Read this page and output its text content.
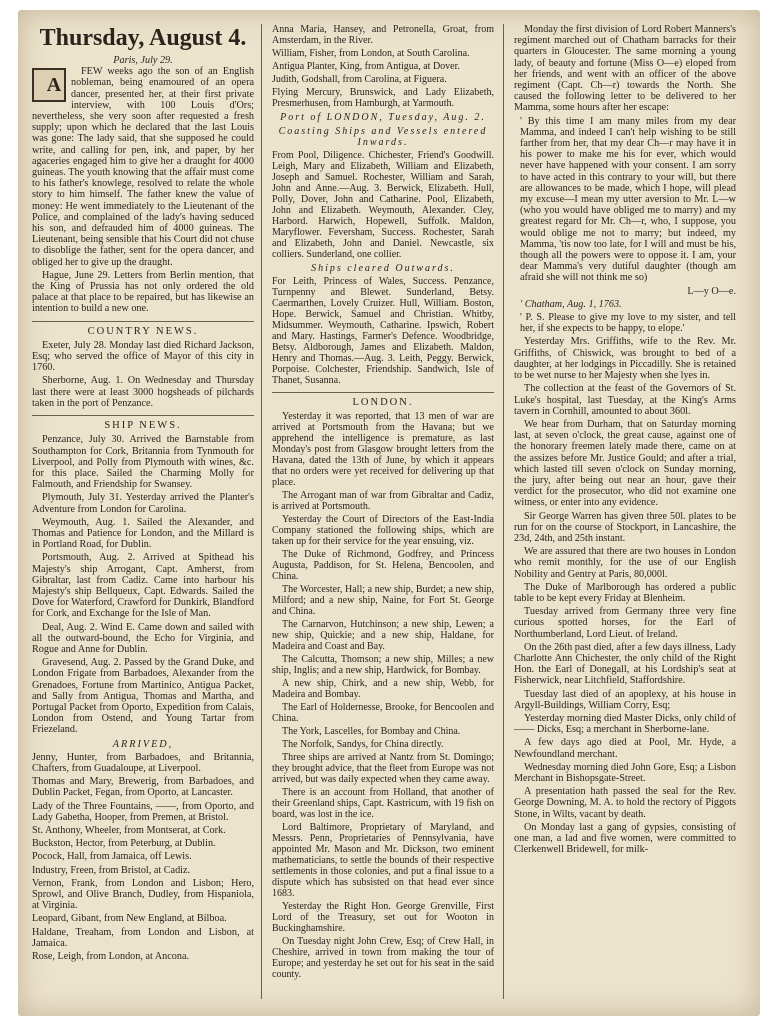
Thursday, August 4.
Paris, July 29.

A
FEW weeks ago the son of an English nobleman, being enamoured of an opera dancer, presented her, at their first private interview, with 100 Louis d'Ors; nevertheless, she very soon after requested a fresh supply; upon which he declared that the last Louis was gone: The lady said, that she supposed he could write, and calling for pen, ink, and paper, by her agaceries engaged him to give her a draught for 4000 guineas. The youth knowing that the affair must come to his father's knowlege, resolved to relate the whole story to him himself. The father knew the value of money: He went immediately to the Lieutenant of the Police, and complained of the lady's having seduced his son, and defrauded him of 4000 guineas. The Lieutenant, being sensible that his Court did not chuse to disoblige the father, sent for the opera dancer, and obliged her to give up the draught.

Hague, June 29. Letters from Berlin mention, that the King of Prussia has not only ordered the old palace at that place to be repaired, but has likewise an intention to build a new one.

COUNTRY NEWS.

Exeter, July 28. Monday last died Richard Jackson, Esq; who served the office of Mayor of this city in 1760.

Sherborne, Aug. 1. On Wednesday and Thursday last there were at least 3000 hogsheads of pilchards taken in the port of Penzance.

SHIP NEWS.

Penzance, July 30. Arrived the Barnstable from Southampton for Cork, Britannia from Tynmouth for Liverpool, and Polly from Plymouth with wines, &c. for this place. Sailed the Charming Molly for Falmouth, and Friendship for Swansey.

Plymouth, July 31. Yesterday arrived the Planter's Adventure from London for Carolina.

Weymouth, Aug. 1. Sailed the Alexander, and Thomas and Patience for London, and the Millard is in Portland Road, for Dublin.

Portsmouth, Aug. 2. Arrived at Spithead his Majesty's ship Arrogant, Capt. Amherst, from Gibraltar, last from Cadiz. Came into harbour his Majesty's ship Bellqueux, Capt. Edwards. Sailed the Dove for Waterford, Crawford for Dunkirk, Blandford for Cork, and Exchange for the Isle of Man.

Deal, Aug. 2. Wind E. Came down and sailed with all the outward-bound, the Echo for Virginia, and Rogue and Anne for Dublin.

Gravesend, Aug. 2. Passed by the Grand Duke, and London Frigate from Barbadoes, Alexander from the Grenadoes, Fortune from Martinico, Antigua Packet, and Sally from Antigua, Thomas and Martha, and Portugal Packet from Oporto, Expedition from Calais, London from Ostend, and Young Tartar from Friezeland.

ARRIVED,

Jenny, Hunter, from Barbadoes, and Britannia, Chafters, from Guadaloupe, at Liverpool.

Thomas and Mary, Brewerig, from Barbadoes, and Dublin Packet, Fegan, from Oporto, at Lancaster.

Lady of the Three Fountains, ——, from Oporto, and Lady Gabetha, Hooper, from Premen, at Bristol.

St. Anthony, Wheeler, from Montserat, at Cork.

Buckston, Hector, from Peterburg, at Dublin.

Pocock, Hall, from Jamaica, off Lewis.

Industry, Freen, from Bristol, at Cadiz.

Vernon, Frank, from London and Lisbon; Hero, Sprowl, and Olive Branch, Dudley, from Hispaniola, at Virginia.

Leopard, Gibant, from New England, at Bilboa.

Haldane, Treaham, from London and Lisbon, at Jamaica.

Rose, Leigh, from London, at Ancona.

Anna Maria, Hansey, and Petronella, Groat, from Amsterdam, in the River.

William, Fisher, from London, at South Carolina.

Antigua Planter, King, from Antigua, at Dover.

Judith, Godshall, from Carolina, at Figuera.

Flying Mercury, Brunswick, and Lady Elizabeth, Presmerhusen, from Hamburgh, at Yarmouth.

Port of LONDON, Tuesday, Aug. 2.
Coasting Ships and Vessels entered Inwards.

From Pool, Diligence. Chichester, Friend's Goodwill. Leigh, Mary and Elizabeth, William and Elizabeth, Joseph and Samuel. Rochester, William and Sarah, John and Anne.—Aug. 3. Berwick, Elizabeth. Hull, Polly, Dover, John and Catharine. Pool, Elizabeth, John and Elizabeth. Weymouth, Alexander. Cley, Harbord. Harwich, Hopewell, Suffolk. Maldon, Maryflower. Feversham, Success. Rochester, Sarah and Elizabeth, John and Daniel. Newcastle, six colliers. Sunderland, one collier.

Ships cleared Outwards.

For Leith, Princess of Wales, Success. Penzance, Turnpenny and Blewet. Sunderland, Betsy. Caermarthen, Lovely Cruizer. Hull, William. Boston, Hope. Berwick, Samuel and Christian. Whitby, Midsummer. Weymouth, Catharine. Ipswich, Robert and Mary. Hastings, Farmer's Defence. Woodbridge, Betsy. Aldborough, James and Elizabeth. Maldon, Henry and Thomas.—Aug. 3. Leith, Peggy. Berwick, Porpoise. Colchester, Friendship. Sandwich, Isle of Thanet, Susanna.

LONDON.

Yesterday it was reported, that 13 men of war are arrived at Portsmouth from the Havana; but we apprehend the intelligence is premature, as last Monday's post from Glasgow brought letters from the Havana, dated the 13th of June, by which it appears that no orders were yet received for delivering up that place.

The Arrogant man of war from Gibraltar and Cadiz, is arrived at Portsmouth.

Yesterday the Court of Directors of the East-India Company stationed the following ships, which are taken up for their service for the year ensuing, viz.

The Duke of Richmond, Godfrey, and Princess Augusta, Paddison, for St. Helena, Bencoolen, and China.

The Worcester, Hall; a new ship, Burdet; a new ship, Milford; and a new ship, Naine, for Fort St. George and China.

The Carnarvon, Hutchinson; a new ship, Lewen; a new ship, Quickie; and a new ship, Haldane, for Madeira and Coast and Bay.

The Calcutta, Thomson; a new ship, Milles; a new ship, Inglis; and a new ship, Hardwick, for Bombay.

A new ship, Chirk, and a new ship, Webb, for Madeira and Bombay.

The Earl of Holdernesse, Brooke, for Bencoolen and China.

The York, Lascelles, for Bombay and China.

The Norfolk, Sandys, for China directly.

Three ships are arrived at Nantz from St. Domingo; they brought advice, that the fleet from Europe was not arrived, but was daily expected when they came away.

There is an account from Holland, that another of their Greenland ships, Capt. Kastricum, with 19 fish on board, was lost in the ice.

Lord Baltimore, Proprietary of Maryland, and Messrs. Penn, Proprietaries of Pennsylvania, have appointed Mr. Mason and Mr. Dickson, two eminent mathematicians, to settle the bounds of their respective settlements in those colonies, and put a final issue to a dispute which has subsisted on that head ever since 1683.

Yesterday the Right Hon. George Grenville, First Lord of the Treasury, set out for Wooton in Buckinghamshire.

On Tuesday night John Crew, Esq; of Crew Hall, in Cheshire, arrived in town from making the tour of Europe; and yesterday he set out for his seat in the said county.

Monday the first division of Lord Robert Manners's regiment marched out of Chatham barracks for their quarters in Gloucester. The same morning a young lady, of beauty and fortune (Miss O—e) eloped from her friends, and went with an officer of the above regiment (Capt. Ch—r) towards the North. She caused the following letter to be delivered to her Mamma, some hours after her escape:

' By this time I am many miles from my dear Mamma, and indeed I can't help wishing to be still farther from her, that my dear Ch—r may have it in his power to make me his for ever, which would never have happened with your consent. I am sorry to have acted in this contrary to your will, but there are allowances to be made, which I hope, will plead my excuse—I mean my utter aversion to Mr. L—w (who you would have obliged me to marry) and my greatest regard for Mr. Ch—r, who, I suppose, you would oblige me not to marry; but indeed, my Mamma, 'tis now too late, for I will and must be his, though all the powers were to oppose it. I am, your dear Mamma's very dutiful daughter (though am afraid she will not think me so)

L—y O—e.

' Chatham, Aug. 1, 1763.

' P. S. Please to give my love to my sister, and tell her, if she expects to be happy, to elope.'

Yesterday Mrs. Griffiths, wife to the Rev. Mr. Griffiths, of Chiswick, was brought to bed of a daughter, at her lodgings in Piccadilly. She is retained to be wet nurse to her Majesty when she lyes in.

The collection at the feast of the Governors of St. Luke's hospital, last Tuesday, at the King's Arms tavern in Cornhill, amounted to about 360l.

We hear from Durham, that on Saturday morning last, at seven o'clock, the great cause, against one of the honorary freemen lately made there, came on at the assizes before Mr. Justice Gould; and after a trial, which lasted till seven o'clock on Sunday morning, the jury, after being out near an hour, gave their verdict for the prosecutor, who did not examine one witness, or enter into any evidence.

Sir George Warren has given three 50l. plates to be run for on the course of Stockport, in Lancashire, the 23d, 24th, and 25th instant.

We are assured that there are two houses in London who remit monthly, for the use of our English Nobility and Gentry at Paris, 80,000l.

The Duke of Marlborough has ordered a public table to be kept every Friday at Blenheim.

Tuesday arrived from Germany three very fine curious spotted horses, for the Earl of Northumberland, Lord Lieut. of Ireland.

On the 26th past died, after a few days illness, Lady Charlotte Ann Chichester, the only child of the Right Hon. the Earl of Donegall, at his Lordship's seat at Fisherwick, near Litchfield, Staffordshire.

Tuesday last died of an apoplexy, at his house in Argyll-Buildings, William Corry, Esq;

Yesterday morning died Master Dicks, only child of —— Dicks, Esq; a merchant in Sherborne-lane.

A few days ago died at Pool, Mr. Hyde, a Newfoundland merchant.

Wednesday morning died John Gore, Esq; a Lisbon Merchant in Bishopsgate-Street.

A presentation hath passed the seal for the Rev. George Downing, M. A. to hold the rectory of Piggots Stone, in Wilts, vacant by death.

On Monday last a gang of gypsies, consisting of one man, a lad and five women, were committed to Clerkenwell Bridewell, for milk-
